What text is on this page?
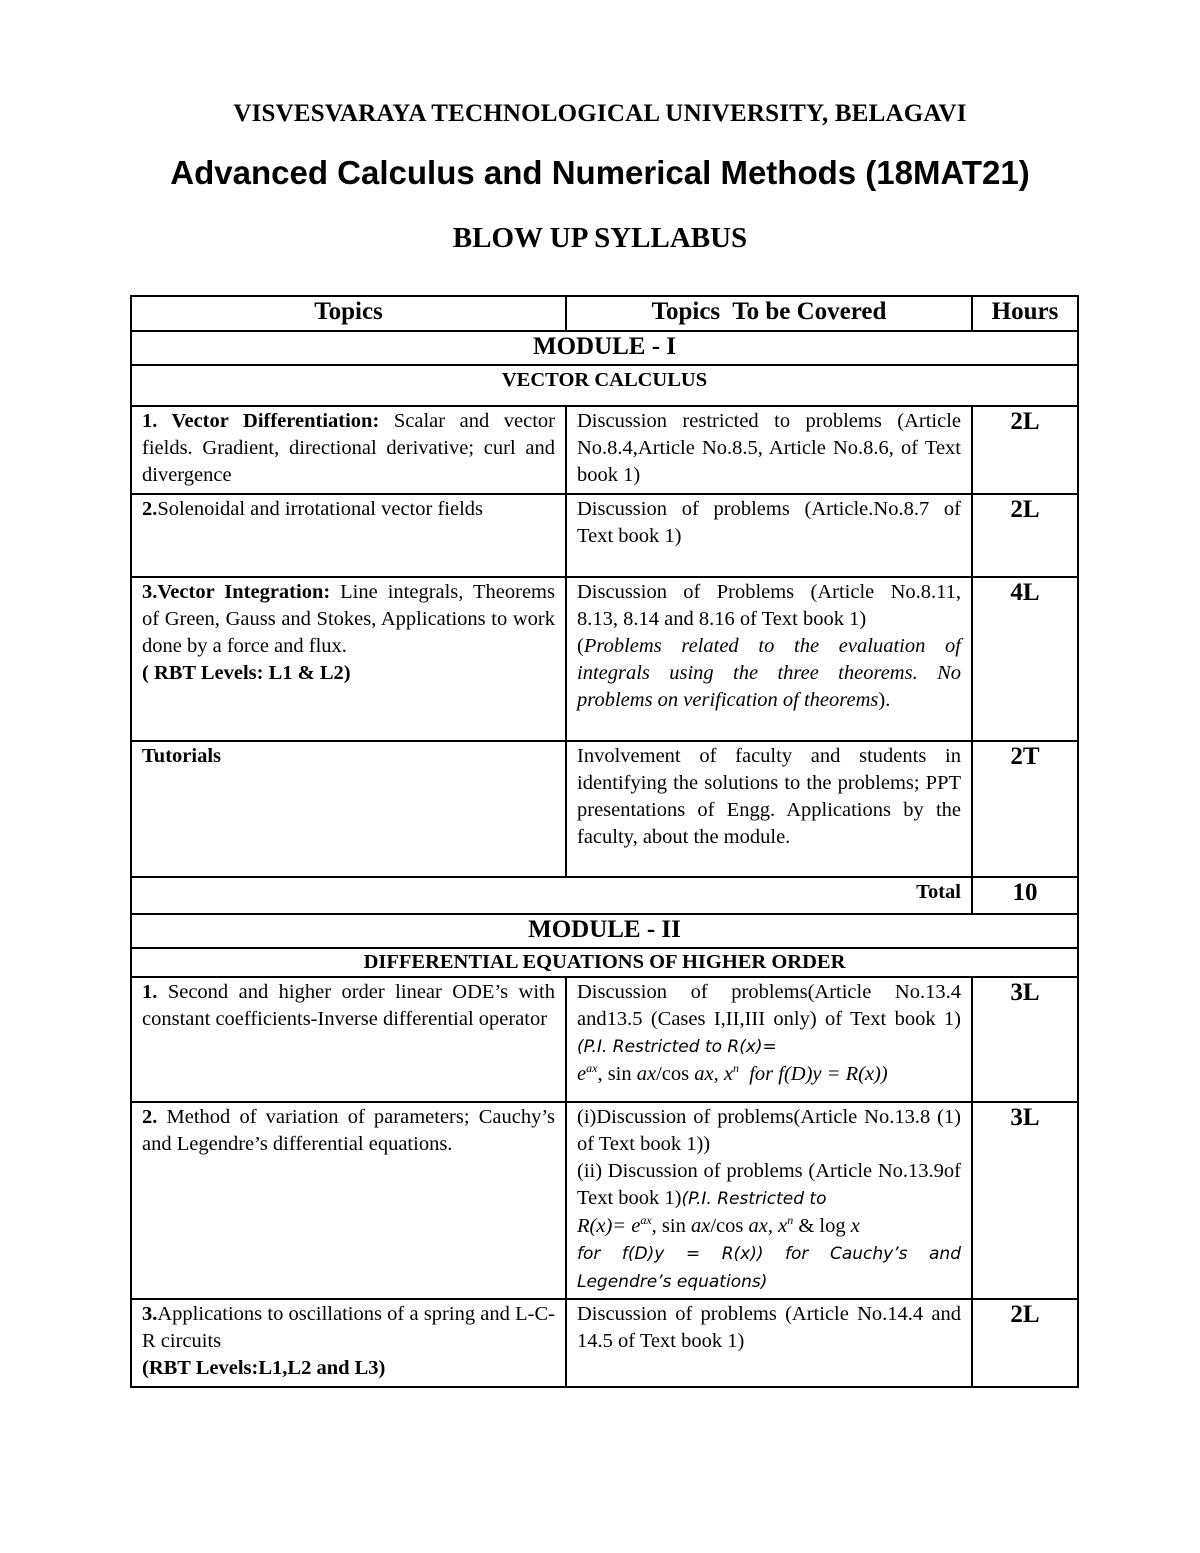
VISVESVARAYA TECHNOLOGICAL UNIVERSITY, BELAGAVI
Advanced Calculus and Numerical Methods (18MAT21)
BLOW UP SYLLABUS
Topics	Topics  To be Covered	Hours
MODULE - I		
VECTOR CALCULUS		
1. Vector Differentiation: Scalar and vector fields. Gradient, directional derivative; curl and divergence	Discussion restricted to problems (Article No.8.4,Article No.8.5, Article No.8.6, of Text book 1)	2L
2.Solenoidal and irrotational vector fields	Discussion of problems (Article.No.8.7 of Text book 1)	2L
3.Vector Integration: Line integrals, Theorems of Green, Gauss and Stokes, Applications to work done by a force and flux.
( RBT Levels: L1 & L2)	Discussion of Problems (Article No.8.11, 8.13, 8.14 and 8.16 of Text book 1)
(Problems related to the evaluation of integrals using the three theorems. No problems on verification of theorems).	4L
Tutorials	Involvement of faculty and students in identifying the solutions to the problems; PPT presentations of Engg. Applications by the faculty, about the module.	2T
Total		10
MODULE - II		
DIFFERENTIAL EQUATIONS OF HIGHER ORDER		
1. Second and higher order linear ODE’s with constant coefficients-Inverse differential operator	Discussion of problems(Article No.13.4 and13.5 (Cases I,II,III only) of Text book 1) (P.I. Restricted to R(x)=
$e^{ax}$, sin ax/cos ax, $x^n$ for f(D)y = R(x))	3L
2. Method of variation of parameters; Cauchy’s and Legendre’s differential equations.	(i)Discussion of problems(Article No.13.8 (1) of Text book 1))
(ii) Discussion of problems (Article No.13.9of Text book 1)(P.I. Restricted to
$R(x)= e^{ax}$, sin ax/cos ax, $x^n$ & log x
for f(D)y = R(x)) for Cauchy’s and Legendre’s equations)	3L
3.Applications to oscillations of a spring and L-C-R circuits
(RBT Levels:L1,L2 and L3)	Discussion of problems (Article No.14.4 and 14.5 of Text book 1)	2L
